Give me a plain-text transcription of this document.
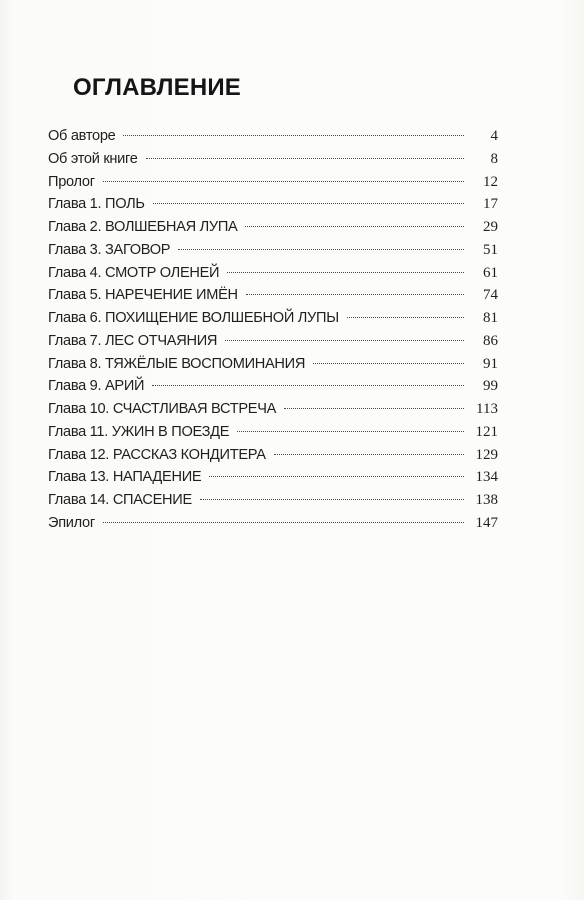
ОГЛАВЛЕНИЕ
Об авторе	4
Об этой книге	8
Пролог	12
Глава 1. ПОЛЬ	17
Глава 2. ВОЛШЕБНАЯ ЛУПА	29
Глава 3. ЗАГОВОР	51
Глава 4. СМОТР ОЛЕНЕЙ	61
Глава 5. НАРЕЧЕНИЕ ИМЁН	74
Глава 6. ПОХИЩЕНИЕ ВОЛШЕБНОЙ ЛУПЫ	81
Глава 7. ЛЕС ОТЧАЯНИЯ	86
Глава 8. ТЯЖЁЛЫЕ ВОСПОМИНАНИЯ	91
Глава 9. АРИЙ	99
Глава 10. СЧАСТЛИВАЯ ВСТРЕЧА	113
Глава 11. УЖИН В ПОЕЗДЕ	121
Глава 12. РАССКАЗ КОНДИТЕРА	129
Глава 13. НАПАДЕНИЕ	134
Глава 14. СПАСЕНИЕ	138
Эпилог	147
